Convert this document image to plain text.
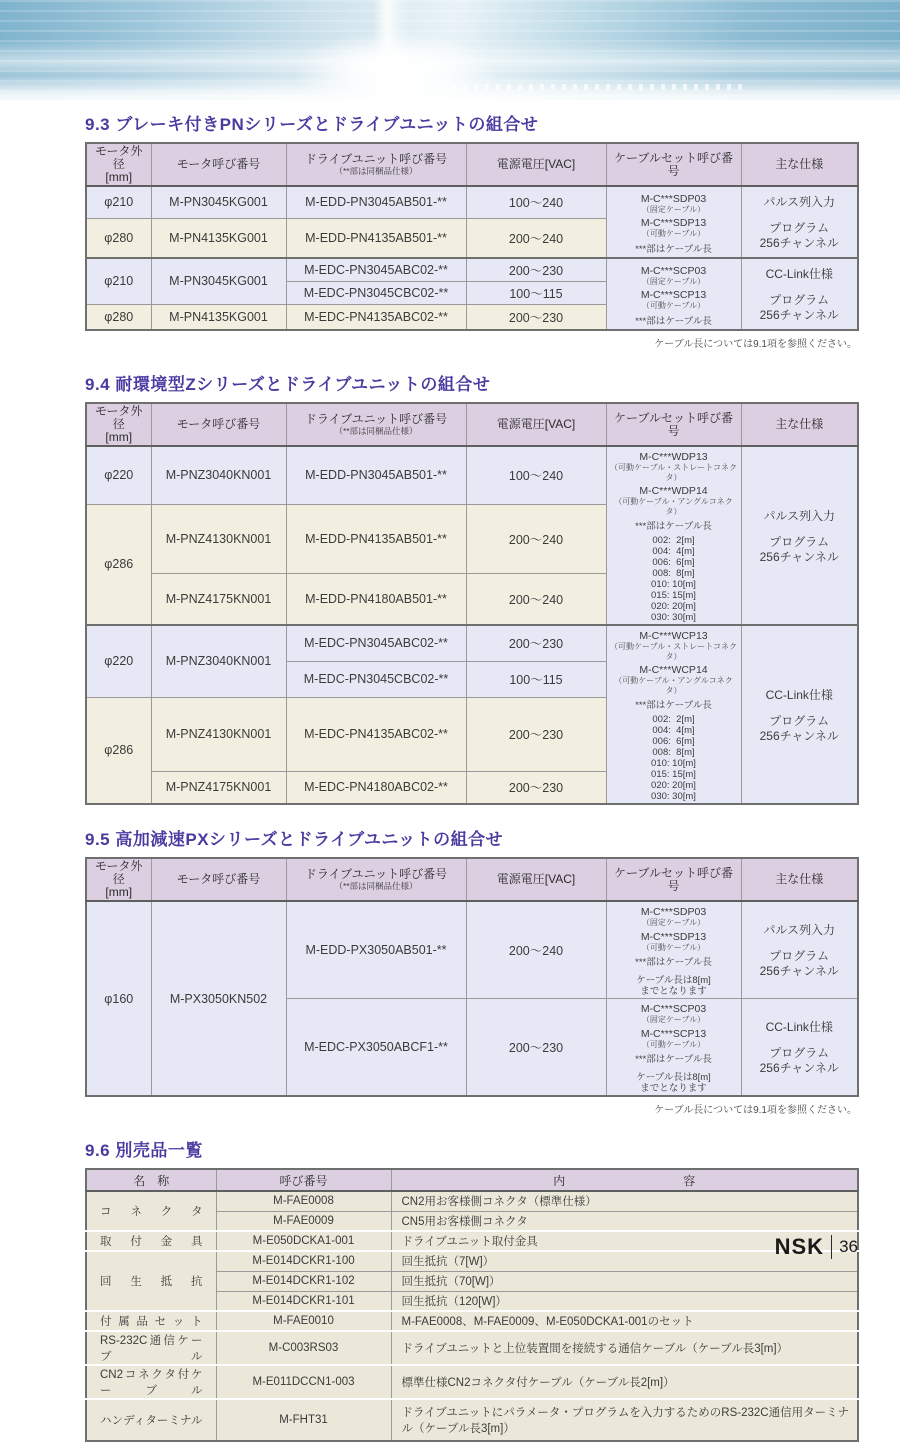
9.3 ブレーキ付きPNシリーズとドライブユニットの組合せ
モータ外径
[mm]
	モータ呼び番号	ドライブユニット呼び番号
（**部は同梱品仕様）	電源電圧[VAC]	ケーブルセット呼び番号	主な仕様
φ210	M-PN3045KG001	M-EDD-PN3045AB501-**	100〜240	M-C***SDP03
（固定ケーブル）
M-C***SDP13
（可動ケーブル）
***部はケーブル長

パルス列入力
プログラム
256チャンネル

φ280	M-PN4135KG001	M-EDD-PN4135AB501-**	200〜240		
φ210	M-PN3045KG001	M-EDC-PN3045ABC02-**	200〜230	M-C***SCP03
（固定ケーブル）
M-C***SCP13
（可動ケーブル）
***部はケーブル長

CC-Link仕様
プログラム
256チャンネル

		M-EDC-PN3045CBC02-**	100〜115		
φ280	M-PN4135KG001	M-EDC-PN4135ABC02-**	200〜230		
ケーブル長については9.1項を参照ください。
9.4 耐環境型Zシリーズとドライブユニットの組合せ
モータ外径
[mm]
	モータ呼び番号	ドライブユニット呼び番号
（**部は同梱品仕様）	電源電圧[VAC]	ケーブルセット呼び番号	主な仕様
φ220	M-PNZ3040KN001	M-EDD-PN3045AB501-**	100〜240	
M-C***WDP13
（可動ケーブル・ストレートコネクタ）
M-C***WDP14
（可動ケーブル・アングルコネクタ）
***部はケーブル長
002:  2[m]
004:  4[m]
006:  6[m]
008:  8[m]
010: 10[m]
015: 15[m]
020: 20[m]
030: 30[m]

パルス列入力
プログラム
256チャンネル

φ286	M-PNZ4130KN001	M-EDD-PN4135AB501-**	200〜240		
	M-PNZ4175KN001	M-EDD-PN4180AB501-**	200〜240		
φ220	M-PNZ3040KN001	M-EDC-PN3045ABC02-**	200〜230	
M-C***WCP13
（可動ケーブル・ストレートコネクタ）
M-C***WCP14
（可動ケーブル・アングルコネクタ）
***部はケーブル長
002:  2[m]
004:  4[m]
006:  6[m]
008:  8[m]
010: 10[m]
015: 15[m]
020: 20[m]
030: 30[m]

CC-Link仕様
プログラム
256チャンネル

		M-EDC-PN3045CBC02-**	100〜115		
φ286	M-PNZ4130KN001	M-EDC-PN4135ABC02-**	200〜230		
	M-PNZ4175KN001	M-EDC-PN4180ABC02-**	200〜230		
9.5 高加減速PXシリーズとドライブユニットの組合せ
モータ外径
[mm]
	モータ呼び番号	ドライブユニット呼び番号
（**部は同梱品仕様）	電源電圧[VAC]	ケーブルセット呼び番号	主な仕様
φ160	M-PX3050KN502	M-EDD-PX3050AB501-**	200〜240	
M-C***SDP03
（固定ケーブル）
M-C***SDP13
（可動ケーブル）
***部はケーブル長
ケーブル長は8[m]
までとなります

パルス列入力
プログラム
256チャンネル

M-EDC-PX3050ABCF1-**	200〜230	
M-C***SCP03
（固定ケーブル）
M-C***SCP13
（可動ケーブル）
***部はケーブル長
ケーブル長は8[m]
までとなります

CC-Link仕様
プログラム
256チャンネル
ケーブル長については9.1項を参照ください。
9.6 別売品一覧
名　称	呼び番号	内 容

コネクタ	M-FAE0008	CN2用お客様側コネクタ（標準仕様）
	M-FAE0009	CN5用お客様側コネクタ
取付金具	M-E050DCKA1-001	ドライブユニット取付金具
回生抵抗	M-E014DCKR1-100	回生抵抗（7[W]）
	M-E014DCKR1-102	回生抵抗（70[W]）
	M-E014DCKR1-101	回生抵抗（120[W]）
付属品セット	M-FAE0010	M-FAE0008、M-FAE0009、M-E050DCKA1-001のセット
RS-232C通信ケーブル	M-C003RS03	ドライブユニットと上位装置間を接続する通信ケーブル（ケーブル長3[m]）
CN2コネクタ付ケーブル	M-E011DCCN1-003	標準仕様CN2コネクタ付ケーブル（ケーブル長2[m]）
ハンディターミナル	M-FHT31	ドライブユニットにパラメータ・プログラムを入力するためのRS-232C通信用ターミナル（ケーブル長3[m]）
NSK 36
